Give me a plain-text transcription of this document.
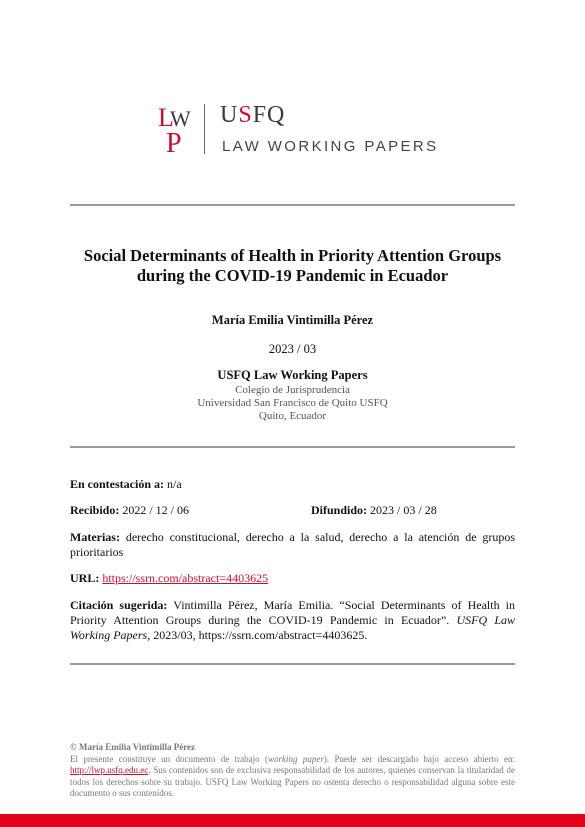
L
W
P
USFQ
LAW WORKING PAPERS
Social Determinants of Health in Priority Attention Groups
during the COVID-19 Pandemic in Ecuador
María Emilia Vintimilla Pérez
2023 / 03
USFQ Law Working Papers
Colegio de Jurisprudencia
Universidad San Francisco de Quito USFQ
Quito, Ecuador
En contestación a: n/a
Recibido: 2022 / 12 / 06	Difundido: 2023 / 03 / 28
Materias: derecho constitucional, derecho a la salud, derecho a la atención de grupos prioritarios
URL: https://ssrn.com/abstract=4403625
Citación sugerida: Vintimilla Pérez, María Emilia. “Social Determinants of Health in Priority Attention Groups during the COVID-19 Pandemic in Ecuador”. USFQ Law Working Papers, 2023/03, https://ssrn.com/abstract=4403625.
© María Emilia Vintimilla Pérez
El presente constituye un documento de trabajo (working paper). Puede ser descargado bajo acceso abierto en: http://lwp.usfq.edu.ec. Sus contenidos son de exclusiva responsabilidad de los autores, quienes conservan la titularidad de todos los derechos sobre su trabajo. USFQ Law Working Papers no ostenta derecho o responsabilidad alguna sobre este documento o sus contenidos.
